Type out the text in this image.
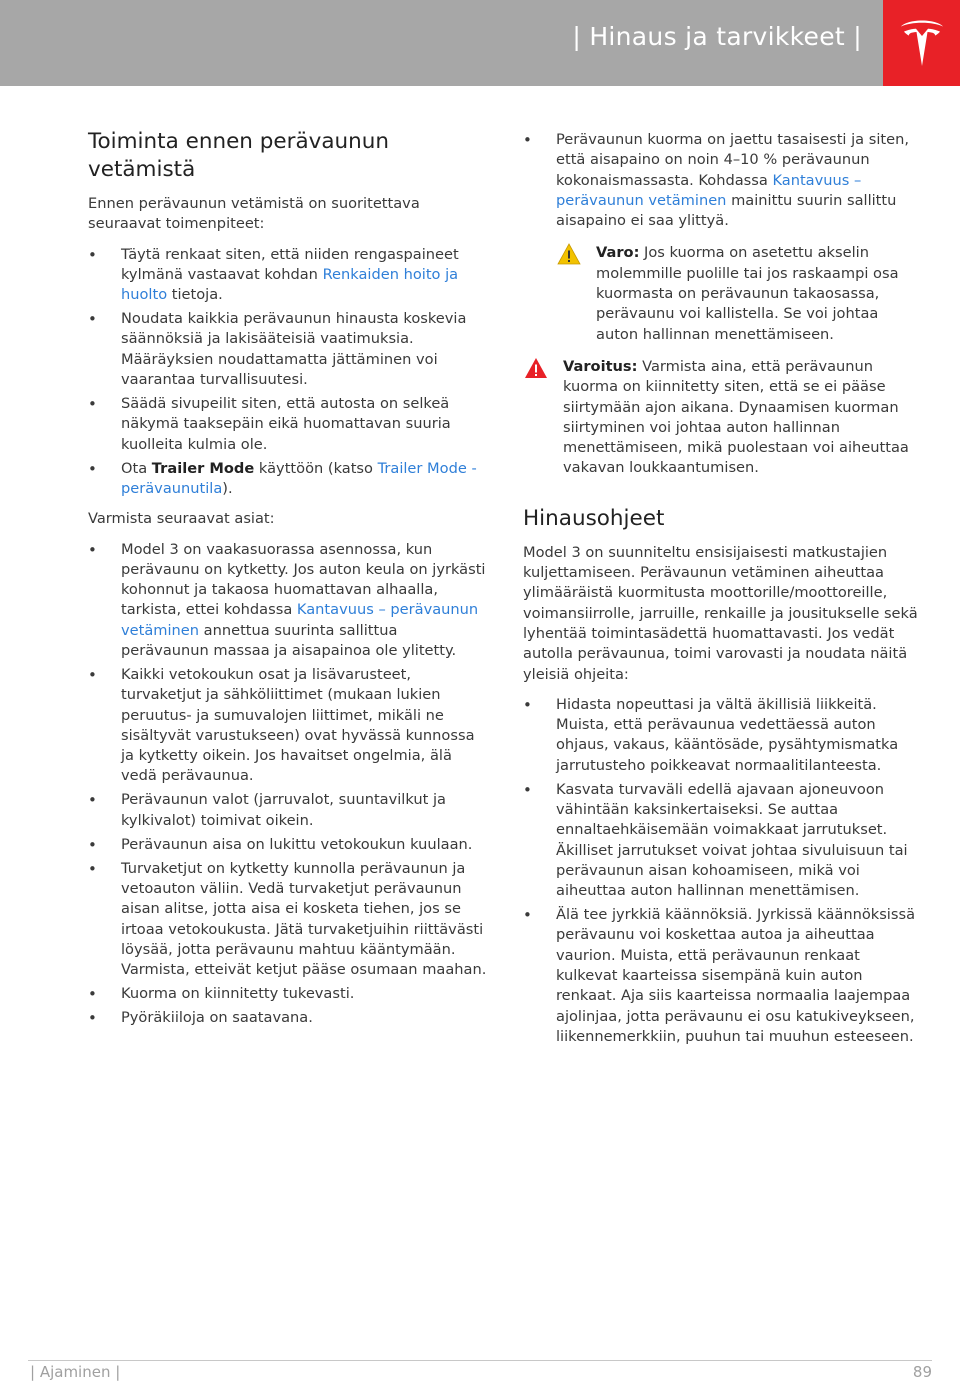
| Hinaus ja tarvikkeet |
Toiminta ennen perävaunun vetämistä

Ennen perävaunun vetämistä on suoritettava seuraavat toimenpiteet:

• Täytä renkaat siten, että niiden rengaspaineet kylmänä vastaavat kohdan Renkaiden hoito ja huolto tietoja.
• Noudata kaikkia perävaunun hinausta koskevia säännöksiä ja lakisääteisiä vaatimuksia. Määräyksien noudattamatta jättäminen voi vaarantaa turvallisuutesi.
• Säädä sivupeilit siten, että autosta on selkeä näkymä taaksepäin eikä huomattavan suuria kuolleita kulmia ole.
• Ota Trailer Mode käyttöön (katso Trailer Mode -perävaunutila).

Varmista seuraavat asiat:

• Model 3 on vaakasuorassa asennossa, kun perävaunu on kytketty. Jos auton keula on jyrkästi kohonnut ja takaosa huomattavan alhaalla, tarkista, ettei kohdassa Kantavuus – perävaunun vetäminen annettua suurinta sallittua perävaunun massaa ja aisapainoa ole ylitetty.
• Kaikki vetokoukun osat ja lisävarusteet, turvaketjut ja sähköliittimet (mukaan lukien peruutus- ja sumuvalojen liittimet, mikäli ne sisältyvät varustukseen) ovat hyvässä kunnossa ja kytketty oikein. Jos havaitset ongelmia, älä vedä perävaunua.
• Perävaunun valot (jarruvalot, suuntavilkut ja kylkivalot) toimivat oikein.
• Perävaunun aisa on lukittu vetokoukun kuulaan.
• Turvaketjut on kytketty kunnolla perävaunun ja vetoauton väliin. Vedä turvaketjut perävaunun aisan alitse, jotta aisa ei kosketa tiehen, jos se irtoaa vetokoukusta. Jätä turvaketjuihin riittävästi löysää, jotta perävaunu mahtuu kääntymään. Varmista, etteivät ketjut pääse osumaan maahan.
• Kuorma on kiinnitetty tukevasti.
• Pyöräkiiloja on saatavana.
• Perävaunun kuorma on jaettu tasaisesti ja siten, että aisapaino on noin 4–10 % perävaunun kokonaismassasta. Kohdassa Kantavuus – perävaunun vetäminen mainittu suurin sallittu aisapaino ei saa ylittyä.
Varo: Jos kuorma on asetettu akselin molemmille puolille tai jos raskaampi osa kuormasta on perävaunun takaosassa, perävaunu voi kallistella. Se voi johtaa auton hallinnan menettämiseen.
Varoitus: Varmista aina, että perävaunun kuorma on kiinnitetty siten, että se ei pääse siirtymään ajon aikana. Dynaamisen kuorman siirtyminen voi johtaa auton hallinnan menettämiseen, mikä puolestaan voi aiheuttaa vakavan loukkaantumisen.
Hinausohjeet

Model 3 on suunniteltu ensisijaisesti matkustajien kuljettamiseen. Perävaunun vetäminen aiheuttaa ylimääräistä kuormitusta moottorille/moottoreille, voimansiirrolle, jarruille, renkaille ja jousitukselle sekä lyhentää toimintasädettä huomattavasti. Jos vedät autolla perävaunua, toimi varovasti ja noudata näitä yleisiä ohjeita:

• Hidasta nopeuttasi ja vältä äkillisiä liikkeitä. Muista, että perävaunua vedettäessä auton ohjaus, vakaus, kääntösäde, pysähtymismatka jarrutusteho poikkeavat normaalitilanteesta.
• Kasvata turvaväli edellä ajavaan ajoneuvoon vähintään kaksinkertaiseksi. Se auttaa ennaltaehkäisemään voimakkaat jarrutukset. Äkilliset jarrutukset voivat johtaa sivuluisuun tai perävaunun aisan kohoamiseen, mikä voi aiheuttaa auton hallinnan menettämisen.
• Älä tee jyrkkiä käännöksiä. Jyrkissä käännöksissä perävaunu voi koskettaa autoa ja aiheuttaa vaurion. Muista, että perävaunun renkaat kulkevat kaarteissa sisempänä kuin auton renkaat. Aja siis kaarteissa normaalia laajempaa ajolinjaa, jotta perävaunu ei osu katukiveykseen, liikennemerkkiin, puuhun tai muuhun esteeseen.
| Ajaminen |	89
